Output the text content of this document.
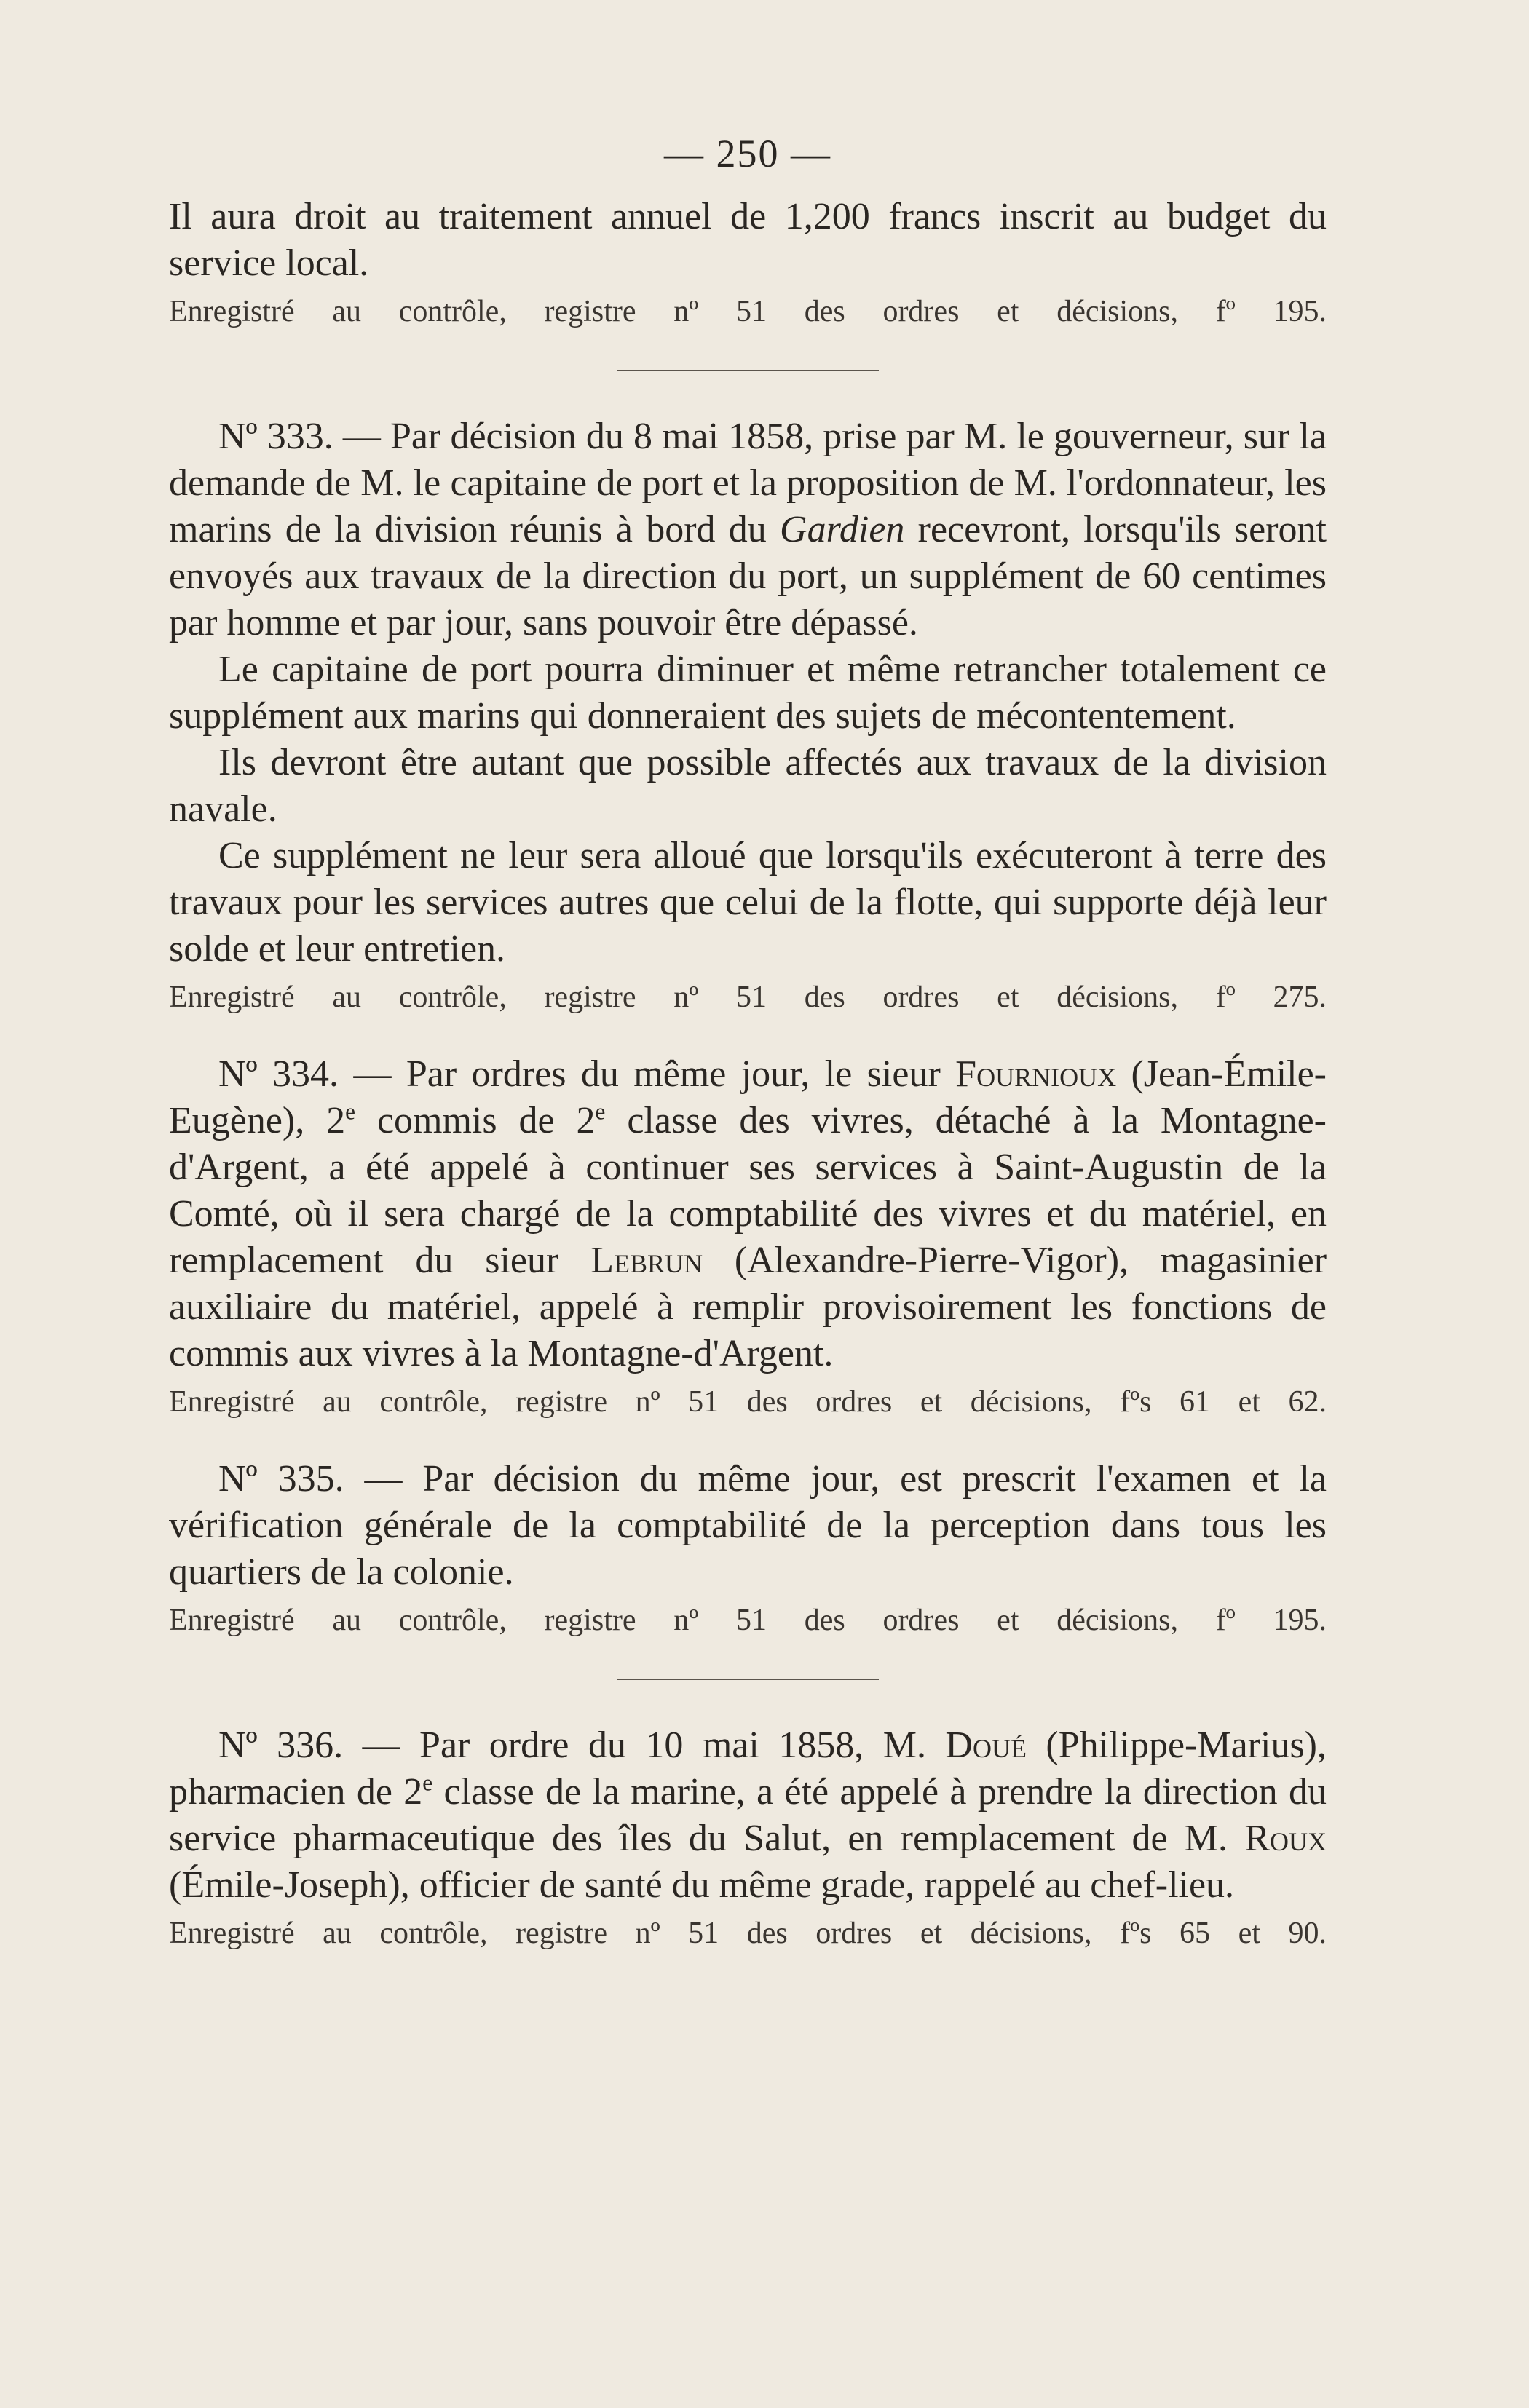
— 250 —

Il aura droit au traitement annuel de 1,200 francs inscrit au budget du service local.

Enregistré au contrôle, registre nº 51 des ordres et décisions, fº 195.

Nº 333. — Par décision du 8 mai 1858, prise par M. le gouverneur, sur la demande de M. le capitaine de port et la proposition de M. l'ordonnateur, les marins de la division réunis à bord du Gardien recevront, lorsqu'ils seront envoyés aux travaux de la direction du port, un supplément de 60 centimes par homme et par jour, sans pouvoir être dépassé.

Le capitaine de port pourra diminuer et même retrancher totalement ce supplément aux marins qui donneraient des sujets de mécontentement.

Ils devront être autant que possible affectés aux travaux de la division navale.

Ce supplément ne leur sera alloué que lorsqu'ils exécuteront à terre des travaux pour les services autres que celui de la flotte, qui supporte déjà leur solde et leur entretien.

Enregistré au contrôle, registre nº 51 des ordres et décisions, fº 275.

Nº 334. — Par ordres du même jour, le sieur Fourniоux (Jean-Émile-Eugène), 2e commis de 2e classe des vivres, détaché à la Montagne-d'Argent, a été appelé à continuer ses services à Saint-Augustin de la Comté, où il sera chargé de la comptabilité des vivres et du matériel, en remplacement du sieur Lebrun (Alexandre-Pierre-Vigor), magasinier auxiliaire du matériel, appelé à remplir provisoirement les fonctions de commis aux vivres à la Montagne-d'Argent.

Enregistré au contrôle, registre nº 51 des ordres et décisions, fºs 61 et 62.

Nº 335. — Par décision du même jour, est prescrit l'examen et la vérification générale de la comptabilité de la perception dans tous les quartiers de la colonie.

Enregistré au contrôle, registre nº 51 des ordres et décisions, fº 195.

Nº 336. — Par ordre du 10 mai 1858, M. Doué (Philippe-Marius), pharmacien de 2e classe de la marine, a été appelé à prendre la direction du service pharmaceutique des îles du Salut, en remplacement de M. Roux (Émile-Joseph), officier de santé du même grade, rappelé au chef-lieu.

Enregistré au contrôle, registre nº 51 des ordres et décisions, fºs 65 et 90.
